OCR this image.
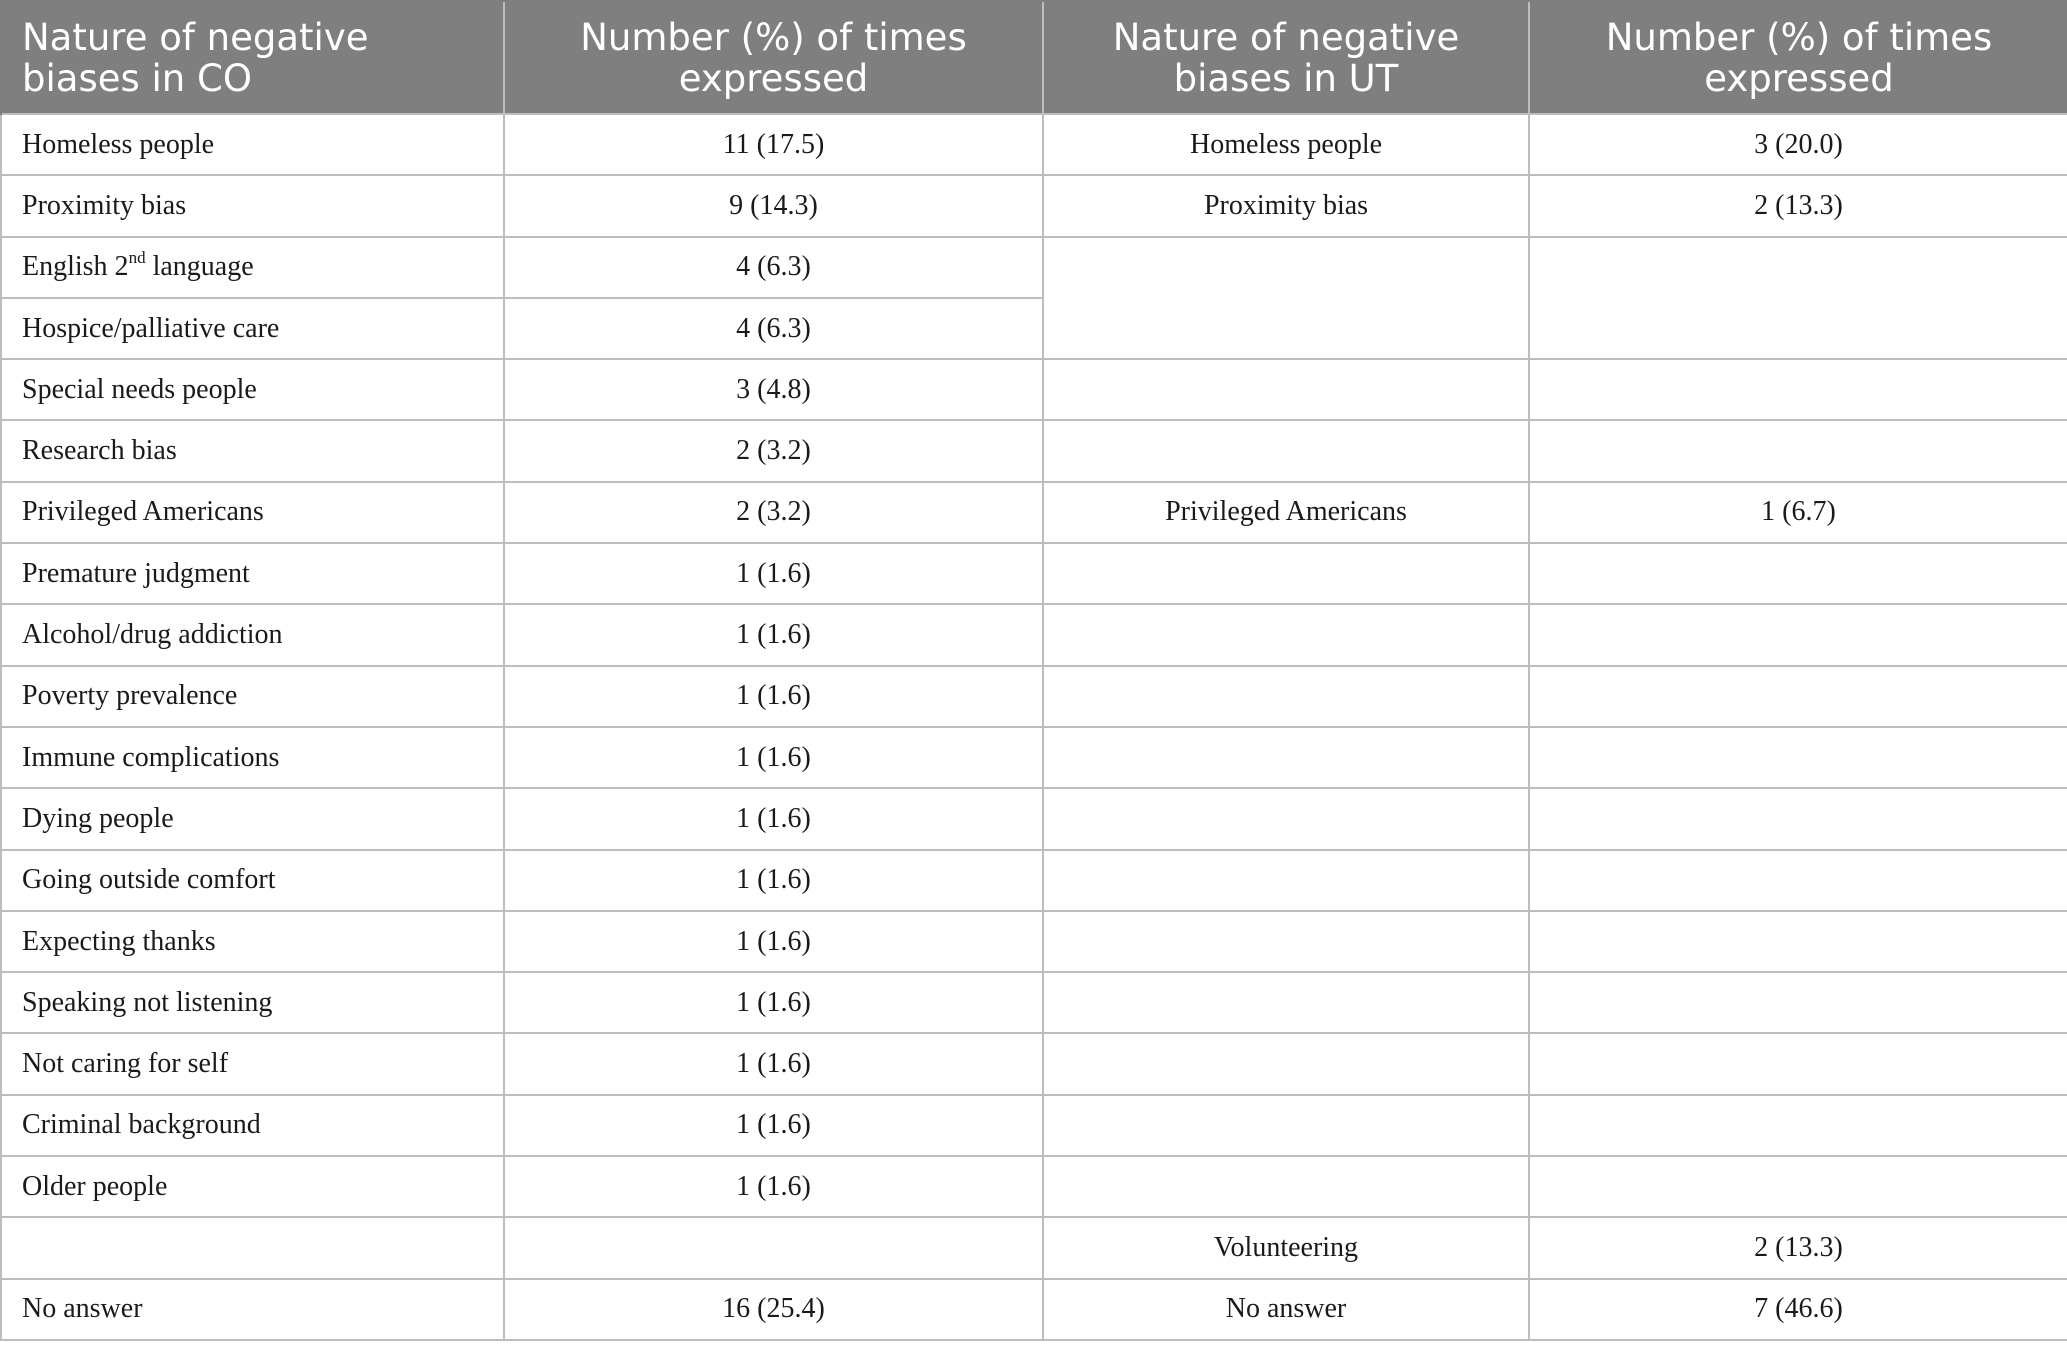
Nature of negative biases in CO	Number (%) of times expressed	Nature of negative biases in UT	Number (%) of times expressed
Homeless people	11 (17.5)	Homeless people	3 (20.0)
Proximity bias	9 (14.3)	Proximity bias	2 (13.3)
English 2nd language	4 (6.3)		
Hospice/palliative care	4 (6.3)		
Special needs people	3 (4.8)		
Research bias	2 (3.2)		
Privileged Americans	2 (3.2)	Privileged Americans	1 (6.7)
Premature judgment	1 (1.6)		
Alcohol/drug addiction	1 (1.6)		
Poverty prevalence	1 (1.6)		
Immune complications	1 (1.6)		
Dying people	1 (1.6)		
Going outside comfort	1 (1.6)		
Expecting thanks	1 (1.6)		
Speaking not listening	1 (1.6)		
Not caring for self	1 (1.6)		
Criminal background	1 (1.6)		
Older people	1 (1.6)		
		Volunteering	2 (13.3)
No answer	16 (25.4)	No answer	7 (46.6)
